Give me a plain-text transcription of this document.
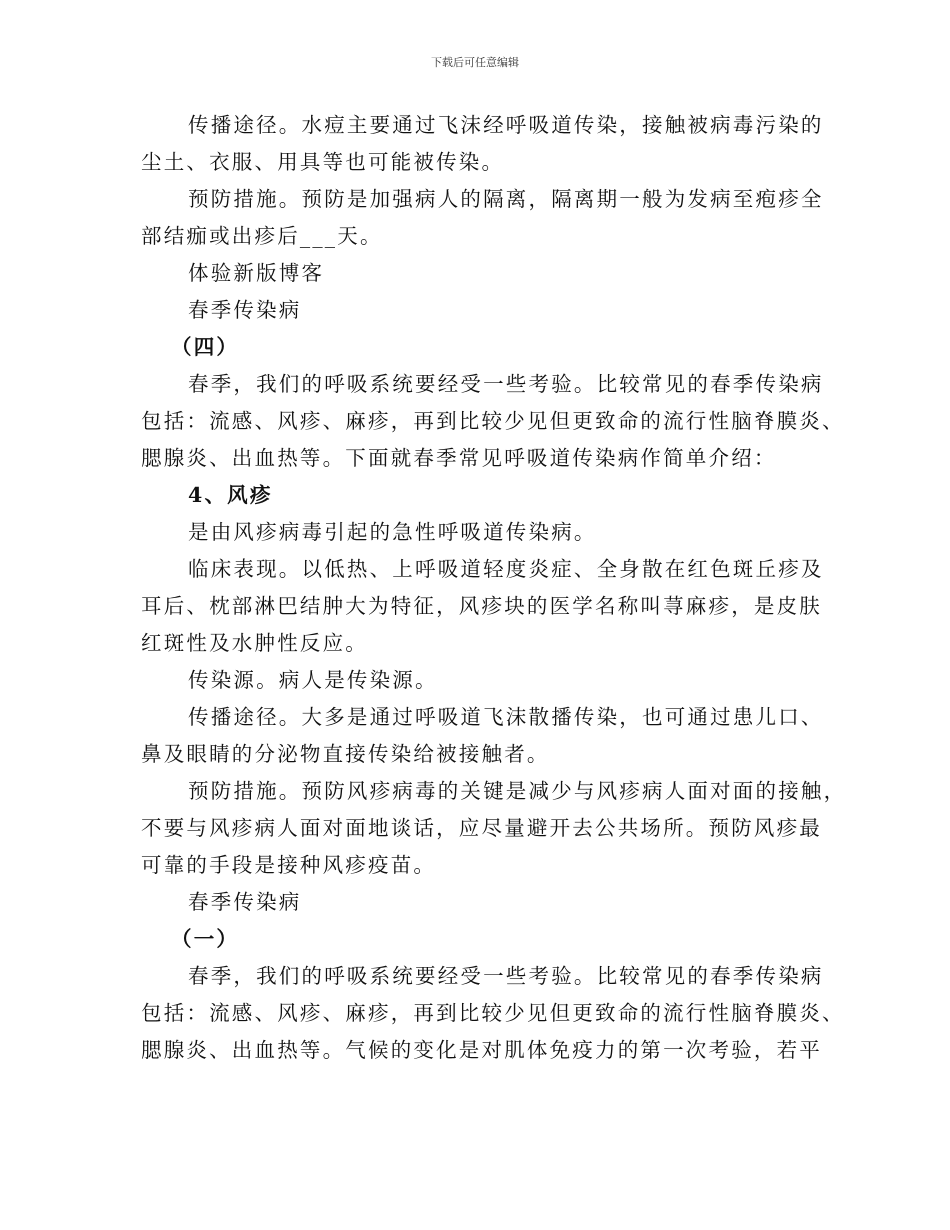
下载后可任意编辑

传播途径。水痘主要通过飞沫经呼吸道传染，接触被病毒污染的
尘土、衣服、用具等也可能被传染。

预防措施。预防是加强病人的隔离，隔离期一般为发病至疱疹全
部结痂或出疹后___天。

体验新版博客

春季传染病

（四）

春季，我们的呼吸系统要经受一些考验。比较常见的春季传染病
包括：流感、风疹、麻疹，再到比较少见但更致命的流行性脑脊膜炎、
腮腺炎、出血热等。下面就春季常见呼吸道传染病作简单介绍：

4、风疹

是由风疹病毒引起的急性呼吸道传染病。

临床表现。以低热、上呼吸道轻度炎症、全身散在红色斑丘疹及
耳后、枕部淋巴结肿大为特征，风疹块的医学名称叫荨麻疹，是皮肤
红斑性及水肿性反应。

传染源。病人是传染源。

传播途径。大多是通过呼吸道飞沫散播传染，也可通过患儿口、
鼻及眼睛的分泌物直接传染给被接触者。

预防措施。预防风疹病毒的关键是减少与风疹病人面对面的接触，
不要与风疹病人面对面地谈话，应尽量避开去公共场所。预防风疹最
可靠的手段是接种风疹疫苗。

春季传染病

（一）

春季，我们的呼吸系统要经受一些考验。比较常见的春季传染病
包括：流感、风疹、麻疹，再到比较少见但更致命的流行性脑脊膜炎、
腮腺炎、出血热等。气候的变化是对肌体免疫力的第一次考验，若平
